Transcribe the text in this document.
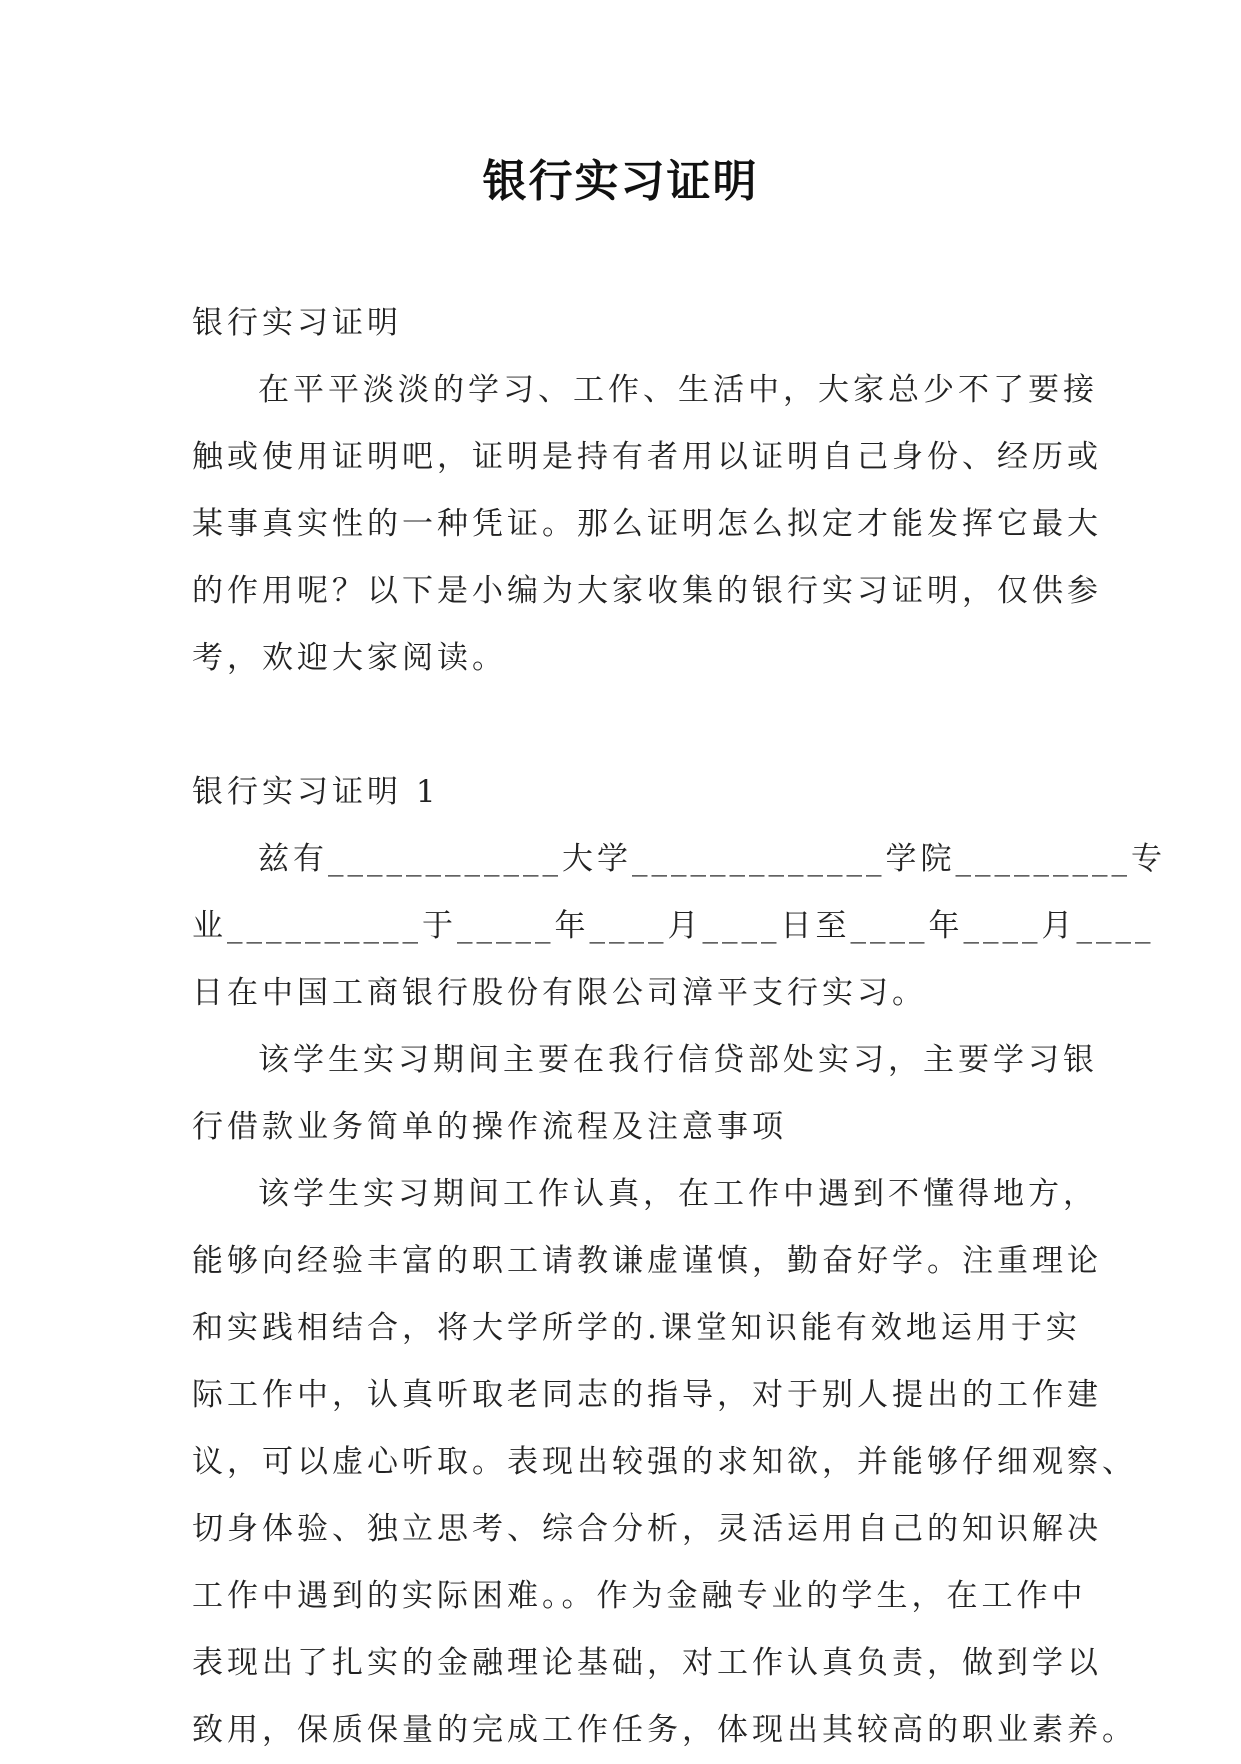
银行实习证明
银行实习证明
在平平淡淡的学习、工作、生活中，大家总少不了要接
触或使用证明吧，证明是持有者用以证明自己身份、经历或
某事真实性的一种凭证。那么证明怎么拟定才能发挥它最大
的作用呢？以下是小编为大家收集的银行实习证明，仅供参
考，欢迎大家阅读。
银行实习证明 1
兹有____________大学_____________学院_________专
业__________于_____年____月____日至____年____月____
日在中国工商银行股份有限公司漳平支行实习。
该学生实习期间主要在我行信贷部处实习，主要学习银
行借款业务简单的操作流程及注意事项
该学生实习期间工作认真，在工作中遇到不懂得地方，
能够向经验丰富的职工请教谦虚谨慎，勤奋好学。注重理论
和实践相结合，将大学所学的.课堂知识能有效地运用于实
际工作中，认真听取老同志的指导，对于别人提出的工作建
议，可以虚心听取。表现出较强的求知欲，并能够仔细观察、
切身体验、独立思考、综合分析，灵活运用自己的知识解决
工作中遇到的实际困难。。作为金融专业的学生，在工作中
表现出了扎实的金融理论基础，对工作认真负责，做到学以
致用，保质保量的完成工作任务，体现出其较高的职业素养。
